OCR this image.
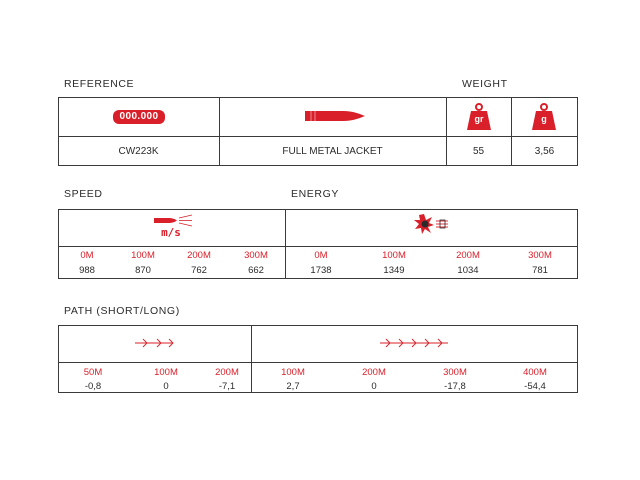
REFERENCE	WEIGHT
SPEED	ENERGY
PATH (SHORT/LONG)
000.000	gr	g
CW223K	FULL METAL JACKET	55	3,56
m/s
0M	100M	200M	300M
988	870	762	662
0M	100M	200M	300M
1738	1349	1034	781
50M	100M	200M
-0,8	0	-7,1
100M	200M	300M	400M
2,7	0	-17,8	-54,4
